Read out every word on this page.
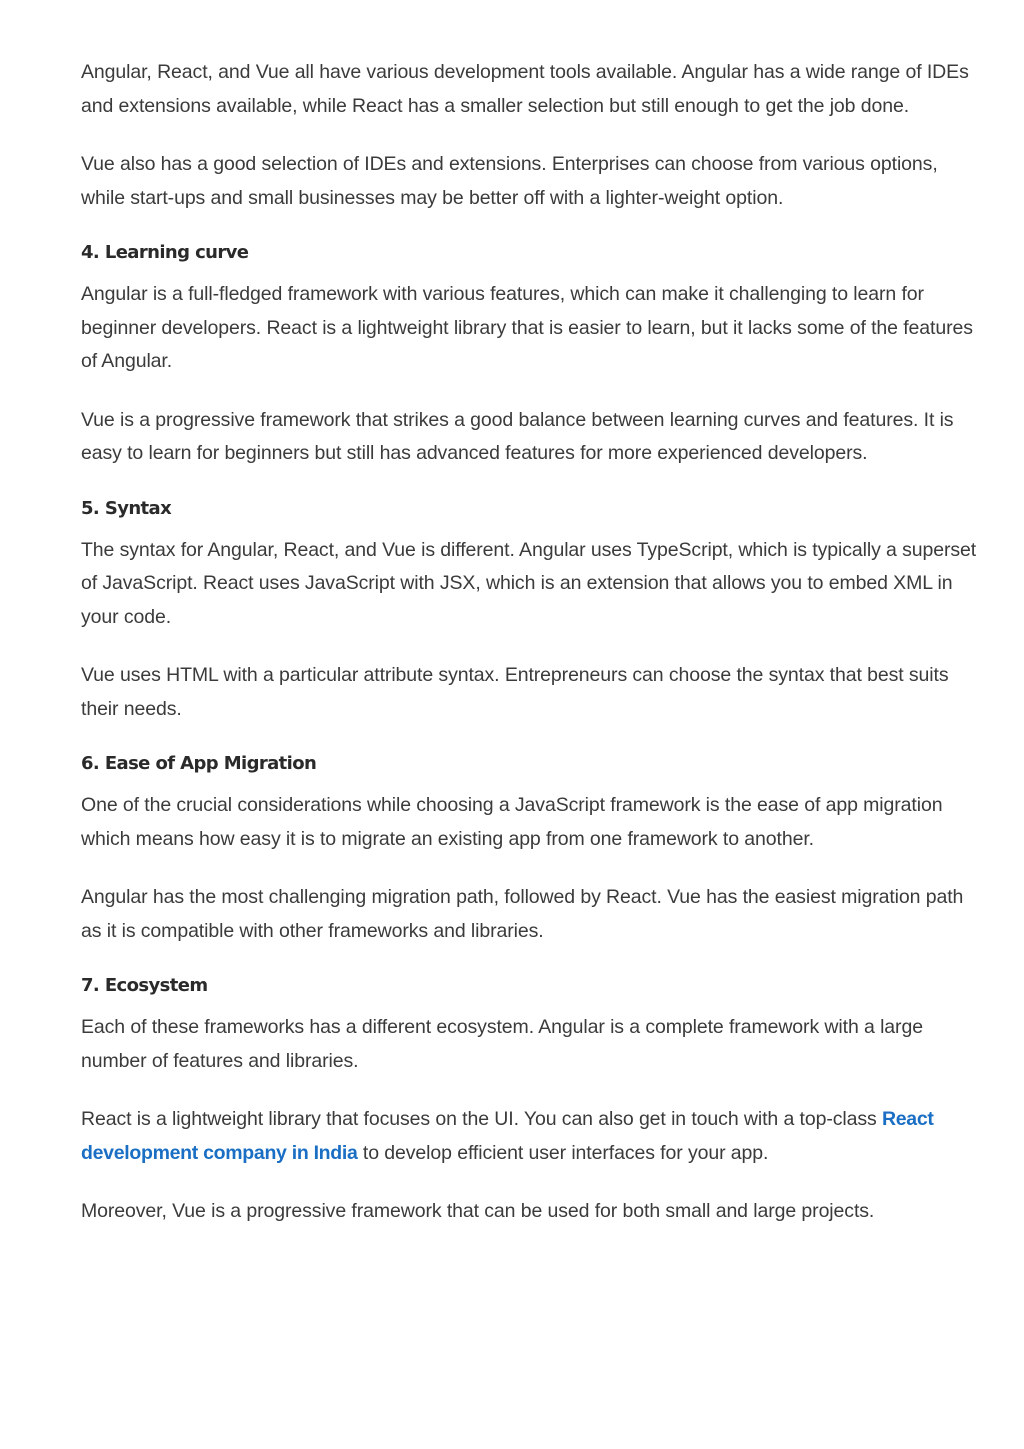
Angular, React, and Vue all have various development tools available. Angular has a wide range of IDEs and extensions available, while React has a smaller selection but still enough to get the job done.

Vue also has a good selection of IDEs and extensions. Enterprises can choose from various options, while start-ups and small businesses may be better off with a lighter-weight option.

4. Learning curve

Angular is a full-fledged framework with various features, which can make it challenging to learn for beginner developers. React is a lightweight library that is easier to learn, but it lacks some of the features of Angular.

Vue is a progressive framework that strikes a good balance between learning curves and features. It is easy to learn for beginners but still has advanced features for more experienced developers.

5. Syntax

The syntax for Angular, React, and Vue is different. Angular uses TypeScript, which is typically a superset of JavaScript. React uses JavaScript with JSX, which is an extension that allows you to embed XML in your code.

Vue uses HTML with a particular attribute syntax. Entrepreneurs can choose the syntax that best suits their needs.

6. Ease of App Migration

One of the crucial considerations while choosing a JavaScript framework is the ease of app migration which means how easy it is to migrate an existing app from one framework to another.

Angular has the most challenging migration path, followed by React. Vue has the easiest migration path as it is compatible with other frameworks and libraries.

7. Ecosystem

Each of these frameworks has a different ecosystem. Angular is a complete framework with a large number of features and libraries.

React is a lightweight library that focuses on the UI. You can also get in touch with a top-class React development company in India to develop efficient user interfaces for your app.

Moreover, Vue is a progressive framework that can be used for both small and large projects.
